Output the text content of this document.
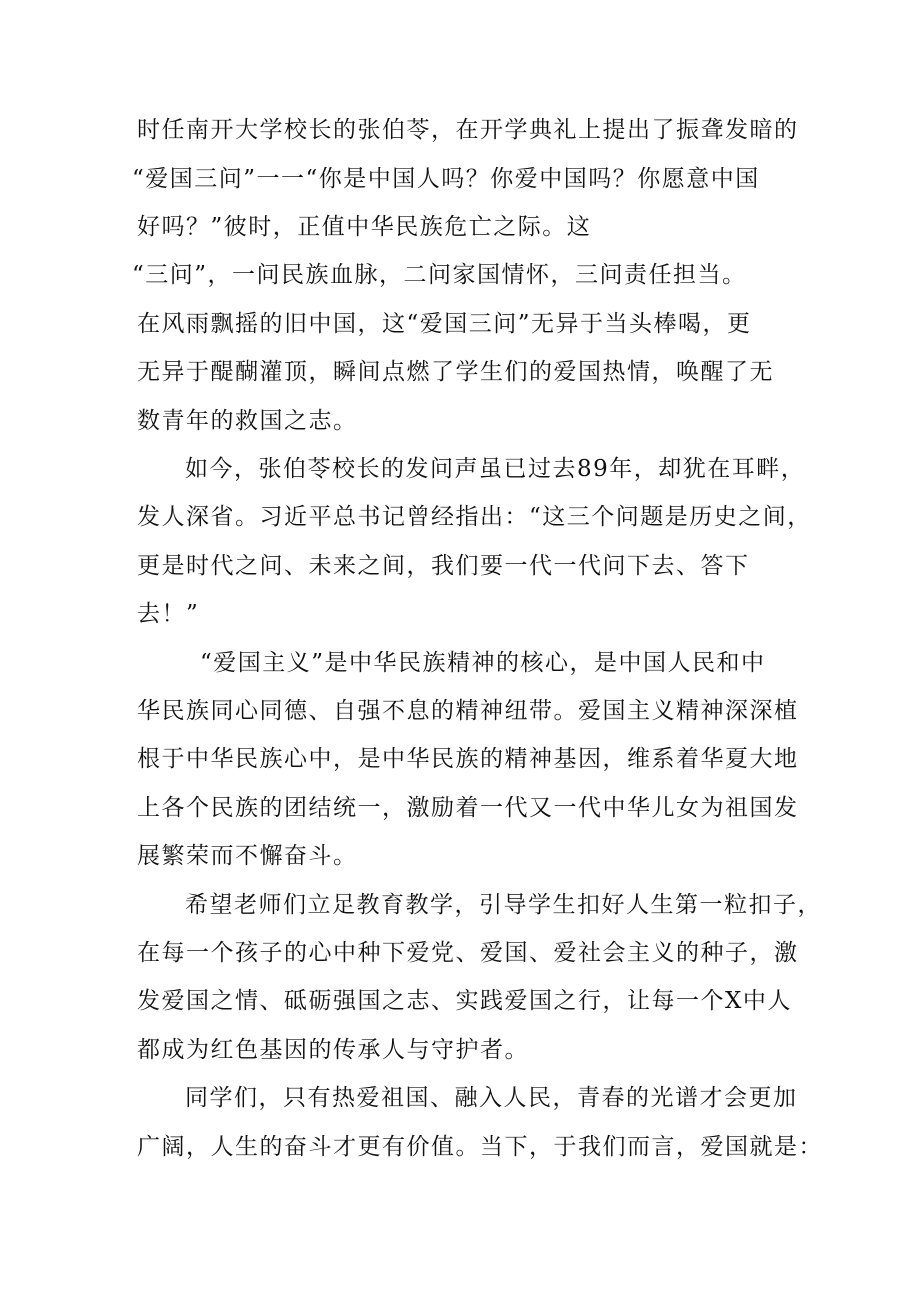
时任南开大学校长的张伯苓，在开学典礼上提出了振聋发暗的

“爱国三问”一一“你是中国人吗？你爱中国吗？你愿意中国

好吗？”彼时，正值中华民族危亡之际。这

“三问”，一问民族血脉，二问家国情怀，三问责任担当。

在风雨飘摇的旧中国，这“爱国三问”无异于当头棒喝，更

无异于醍醐灌顶，瞬间点燃了学生们的爱国热情，唤醒了无

数青年的救国之志。

如今，张伯苓校长的发问声虽已过去89年，却犹在耳畔，

发人深省。习近平总书记曾经指出：“这三个问题是历史之间，

更是时代之问、未来之间，我们要一代一代问下去、答下

去！”

“爱国主义”是中华民族精神的核心，是中国人民和中

华民族同心同德、自强不息的精神纽带。爱国主义精神深深植

根于中华民族心中，是中华民族的精神基因，维系着华夏大地

上各个民族的团结统一，激励着一代又一代中华儿女为祖国发

展繁荣而不懈奋斗。

希望老师们立足教育教学，引导学生扣好人生第一粒扣子，

在每一个孩子的心中种下爱党、爱国、爱社会主义的种子，激

发爱国之情、砥砺强国之志、实践爱国之行，让每一个X中人

都成为红色基因的传承人与守护者。

同学们，只有热爱祖国、融入人民，青春的光谱才会更加

广阔，人生的奋斗才更有价值。当下，于我们而言，爱国就是：
